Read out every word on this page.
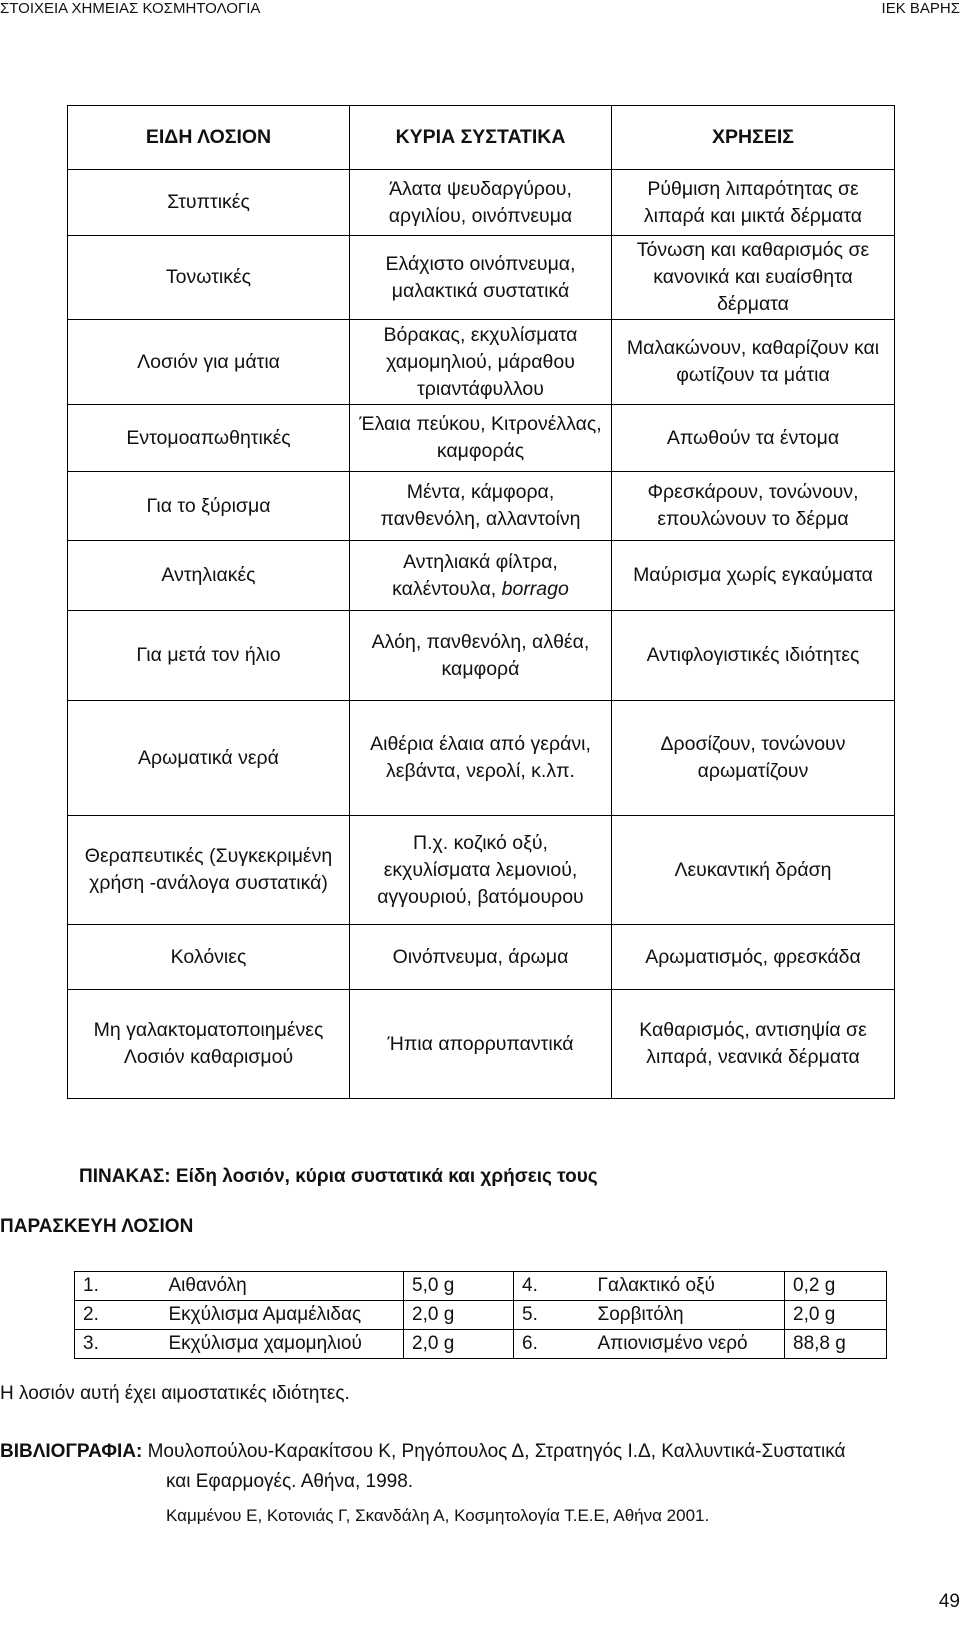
ΣΤΟΙΧΕΙΑ ΧΗΜΕΙΑΣ ΚΟΣΜΗΤΟΛΟΓΙΑ	ΙΕΚ ΒΑΡΗΣ
ΕΙΔΗ ΛΟΣΙΟΝ	ΚΥΡΙΑ ΣΥΣΤΑΤΙΚΑ	ΧΡΗΣΕΙΣ
Στυπτικές	Άλατα ψευδαργύρου, αργιλίου, οινόπνευμα	Ρύθμιση λιπαρότητας σε λιπαρά και μικτά δέρματα
Τονωτικές	Ελάχιστο οινόπνευμα, μαλακτικά συστατικά	Τόνωση και καθαρισμός σε κανονικά και ευαίσθητα δέρματα
Λοσιόν για μάτια	Βόρακας, εκχυλίσματα χαμομηλιού, μάραθου τριαντάφυλλου	Μαλακώνουν, καθαρίζουν και φωτίζουν τα μάτια
Εντομοαπωθητικές	Έλαια πεύκου, Κιτρονέλλας, καμφοράς	Απωθούν τα έντομα
Για το ξύρισμα	Μέντα, κάμφορα, πανθενόλη, αλλαντοίνη	Φρεσκάρουν, τονώνουν, επουλώνουν το δέρμα
Αντηλιακές	Αντηλιακά φίλτρα, καλέντουλα, borrago	Μαύρισμα χωρίς εγκαύματα
Για μετά τον ήλιο	Αλόη, πανθενόλη, αλθέα, καμφορά	Αντιφλογιστικές ιδιότητες
Αρωματικά νερά	Αιθέρια έλαια από γεράνι, λεβάντα, νερολί, κ.λπ.	Δροσίζουν, τονώνουν αρωματίζουν
Θεραπευτικές (Συγκεκριμένη χρήση -ανάλογα συστατικά)	Π.χ. κοζικό οξύ, εκχυλίσματα λεμονιού, αγγουριού, βατόμουρου	Λευκαντική δράση
Κολόνιες	Οινόπνευμα, άρωμα	Αρωματισμός, φρεσκάδα
Μη γαλακτοματοποιημένες Λοσιόν καθαρισμού	Ήπια απορρυπαντικά	Καθαρισμός, αντισηψία σε λιπαρά, νεανικά δέρματα
ΠΙΝΑΚΑΣ: Είδη λοσιόν, κύρια συστατικά και χρήσεις τους
ΠΑΡΑΣΚΕΥΗ ΛΟΣΙΟΝ
1.	Αιθανόλη	5,0 g	4.	Γαλακτικό οξύ	0,2 g
2.	Εκχύλισμα Αμαμέλιδας	2,0 g	5.	Σορβιτόλη	2,0 g
3.	Εκχύλισμα χαμομηλιού	2,0 g	6.	Απιονισμένο νερό	88,8 g
Η λοσιόν αυτή έχει αιμοστατικές ιδιότητες.
ΒΙΒΛΙΟΓΡΑΦΙΑ: Μουλοπούλου-Καρακίτσου Κ, Ρηγόπουλος Δ, Στρατηγός Ι.Δ, Καλλυντικά-Συστατικά
και Εφαρμογές. Αθήνα, 1998.
Καμμένου Ε, Κοτονιάς Γ, Σκανδάλη Α, Κοσμητολογία Τ.Ε.Ε, Αθήνα 2001.
49
